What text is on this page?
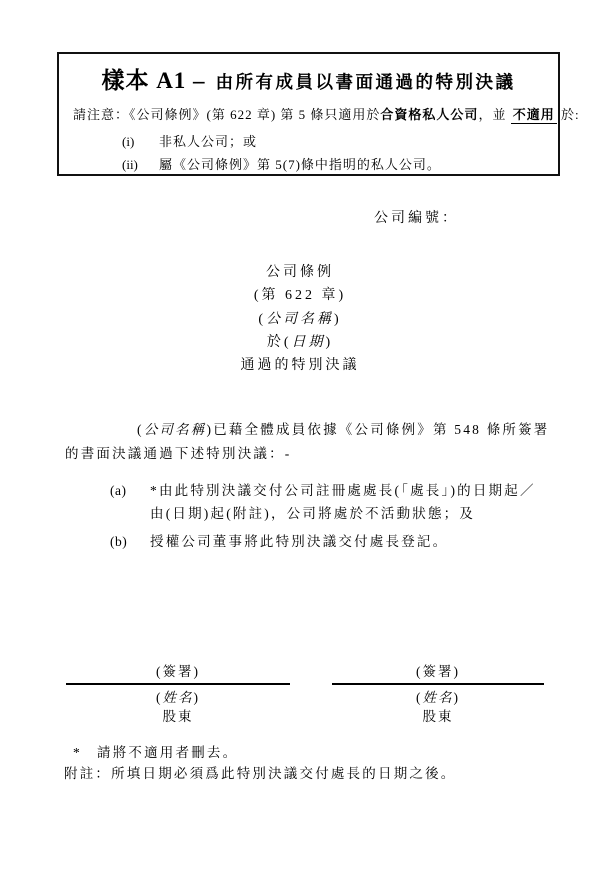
樣本 A1 – 由所有成員以書面通過的特別決議
請注意：《公司條例》(第 622 章) 第 5 條只適用於合資格私人公司，並 不適用 於:
(i)	非私人公司；或
(ii)	屬《公司條例》第 5(7)條中指明的私人公司。
公司編號：
公司條例
(第 622 章)
(公司名稱)
於(日期)
通過的特別決議
(公司名稱)已藉全體成員依據《公司條例》第 548 條所簽署
的書面決議通過下述特別決議：-
(a) *由此特別決議交付公司註冊處處長(「處長」)的日期起／
由(日期)起(附註)，公司將處於不活動狀態；及
(b) 授權公司董事將此特別決議交付處長登記。
(簽署)
(姓名)
股東
(簽署)
(姓名)
股東
*	請將不適用者刪去。
附註：所填日期必須爲此特別決議交付處長的日期之後。
